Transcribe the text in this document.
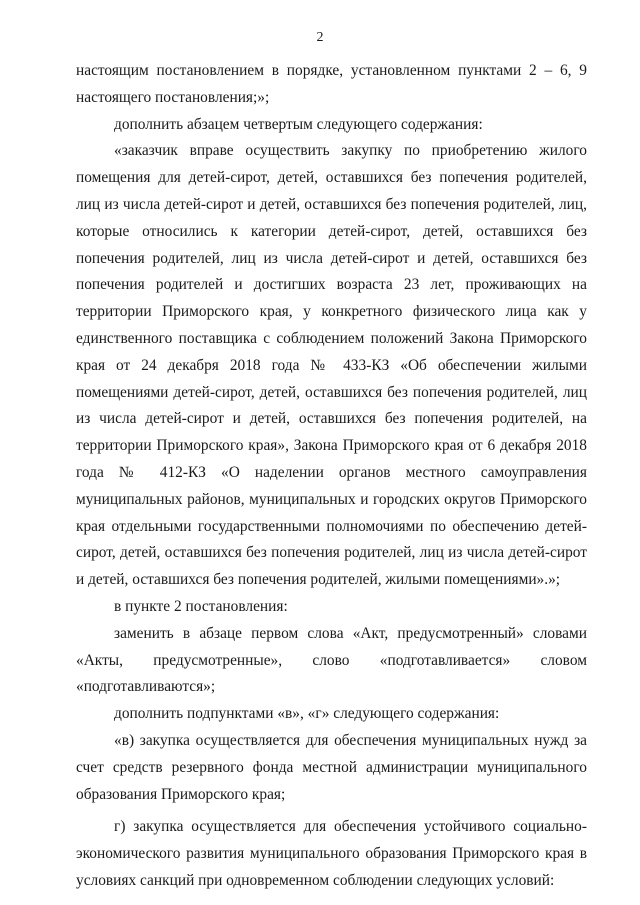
2

настоящим постановлением в порядке, установленном пунктами 2 – 6, 9 настоящего постановления;»;

дополнить абзацем четвертым следующего содержания:

«заказчик вправе осуществить закупку по приобретению жилого помещения для детей-сирот, детей, оставшихся без попечения родителей, лиц из числа детей-сирот и детей, оставшихся без попечения родителей, лиц, которые относились к категории детей-сирот, детей, оставшихся без попечения родителей, лиц из числа детей-сирот и детей, оставшихся без попечения родителей и достигших возраста 23 лет, проживающих на территории Приморского края, у конкретного физического лица как у единственного поставщика с соблюдением положений Закона Приморского края от 24 декабря 2018 года № 433-КЗ «Об обеспечении жилыми помещениями детей-сирот, детей, оставшихся без попечения родителей, лиц из числа детей-сирот и детей, оставшихся без попечения родителей, на территории Приморского края», Закона Приморского края от 6 декабря 2018 года № 412-КЗ «О наделении органов местного самоуправления муниципальных районов, муниципальных и городских округов Приморского края отдельными государственными полномочиями по обеспечению детей-сирот, детей, оставшихся без попечения родителей, лиц из числа детей-сирот и детей, оставшихся без попечения родителей, жилыми помещениями».»;

в пункте 2 постановления:

заменить в абзаце первом слова «Акт, предусмотренный» словами «Акты, предусмотренные», слово «подготавливается» словом «подготавливаются»;

дополнить подпунктами «в», «г» следующего содержания:

«в) закупка осуществляется для обеспечения муниципальных нужд за счет средств резервного фонда местной администрации муниципального образования Приморского края;

г) закупка осуществляется для обеспечения устойчивого социально-экономического развития муниципального образования Приморского края в условиях санкций при одновременном соблюдении следующих условий:
